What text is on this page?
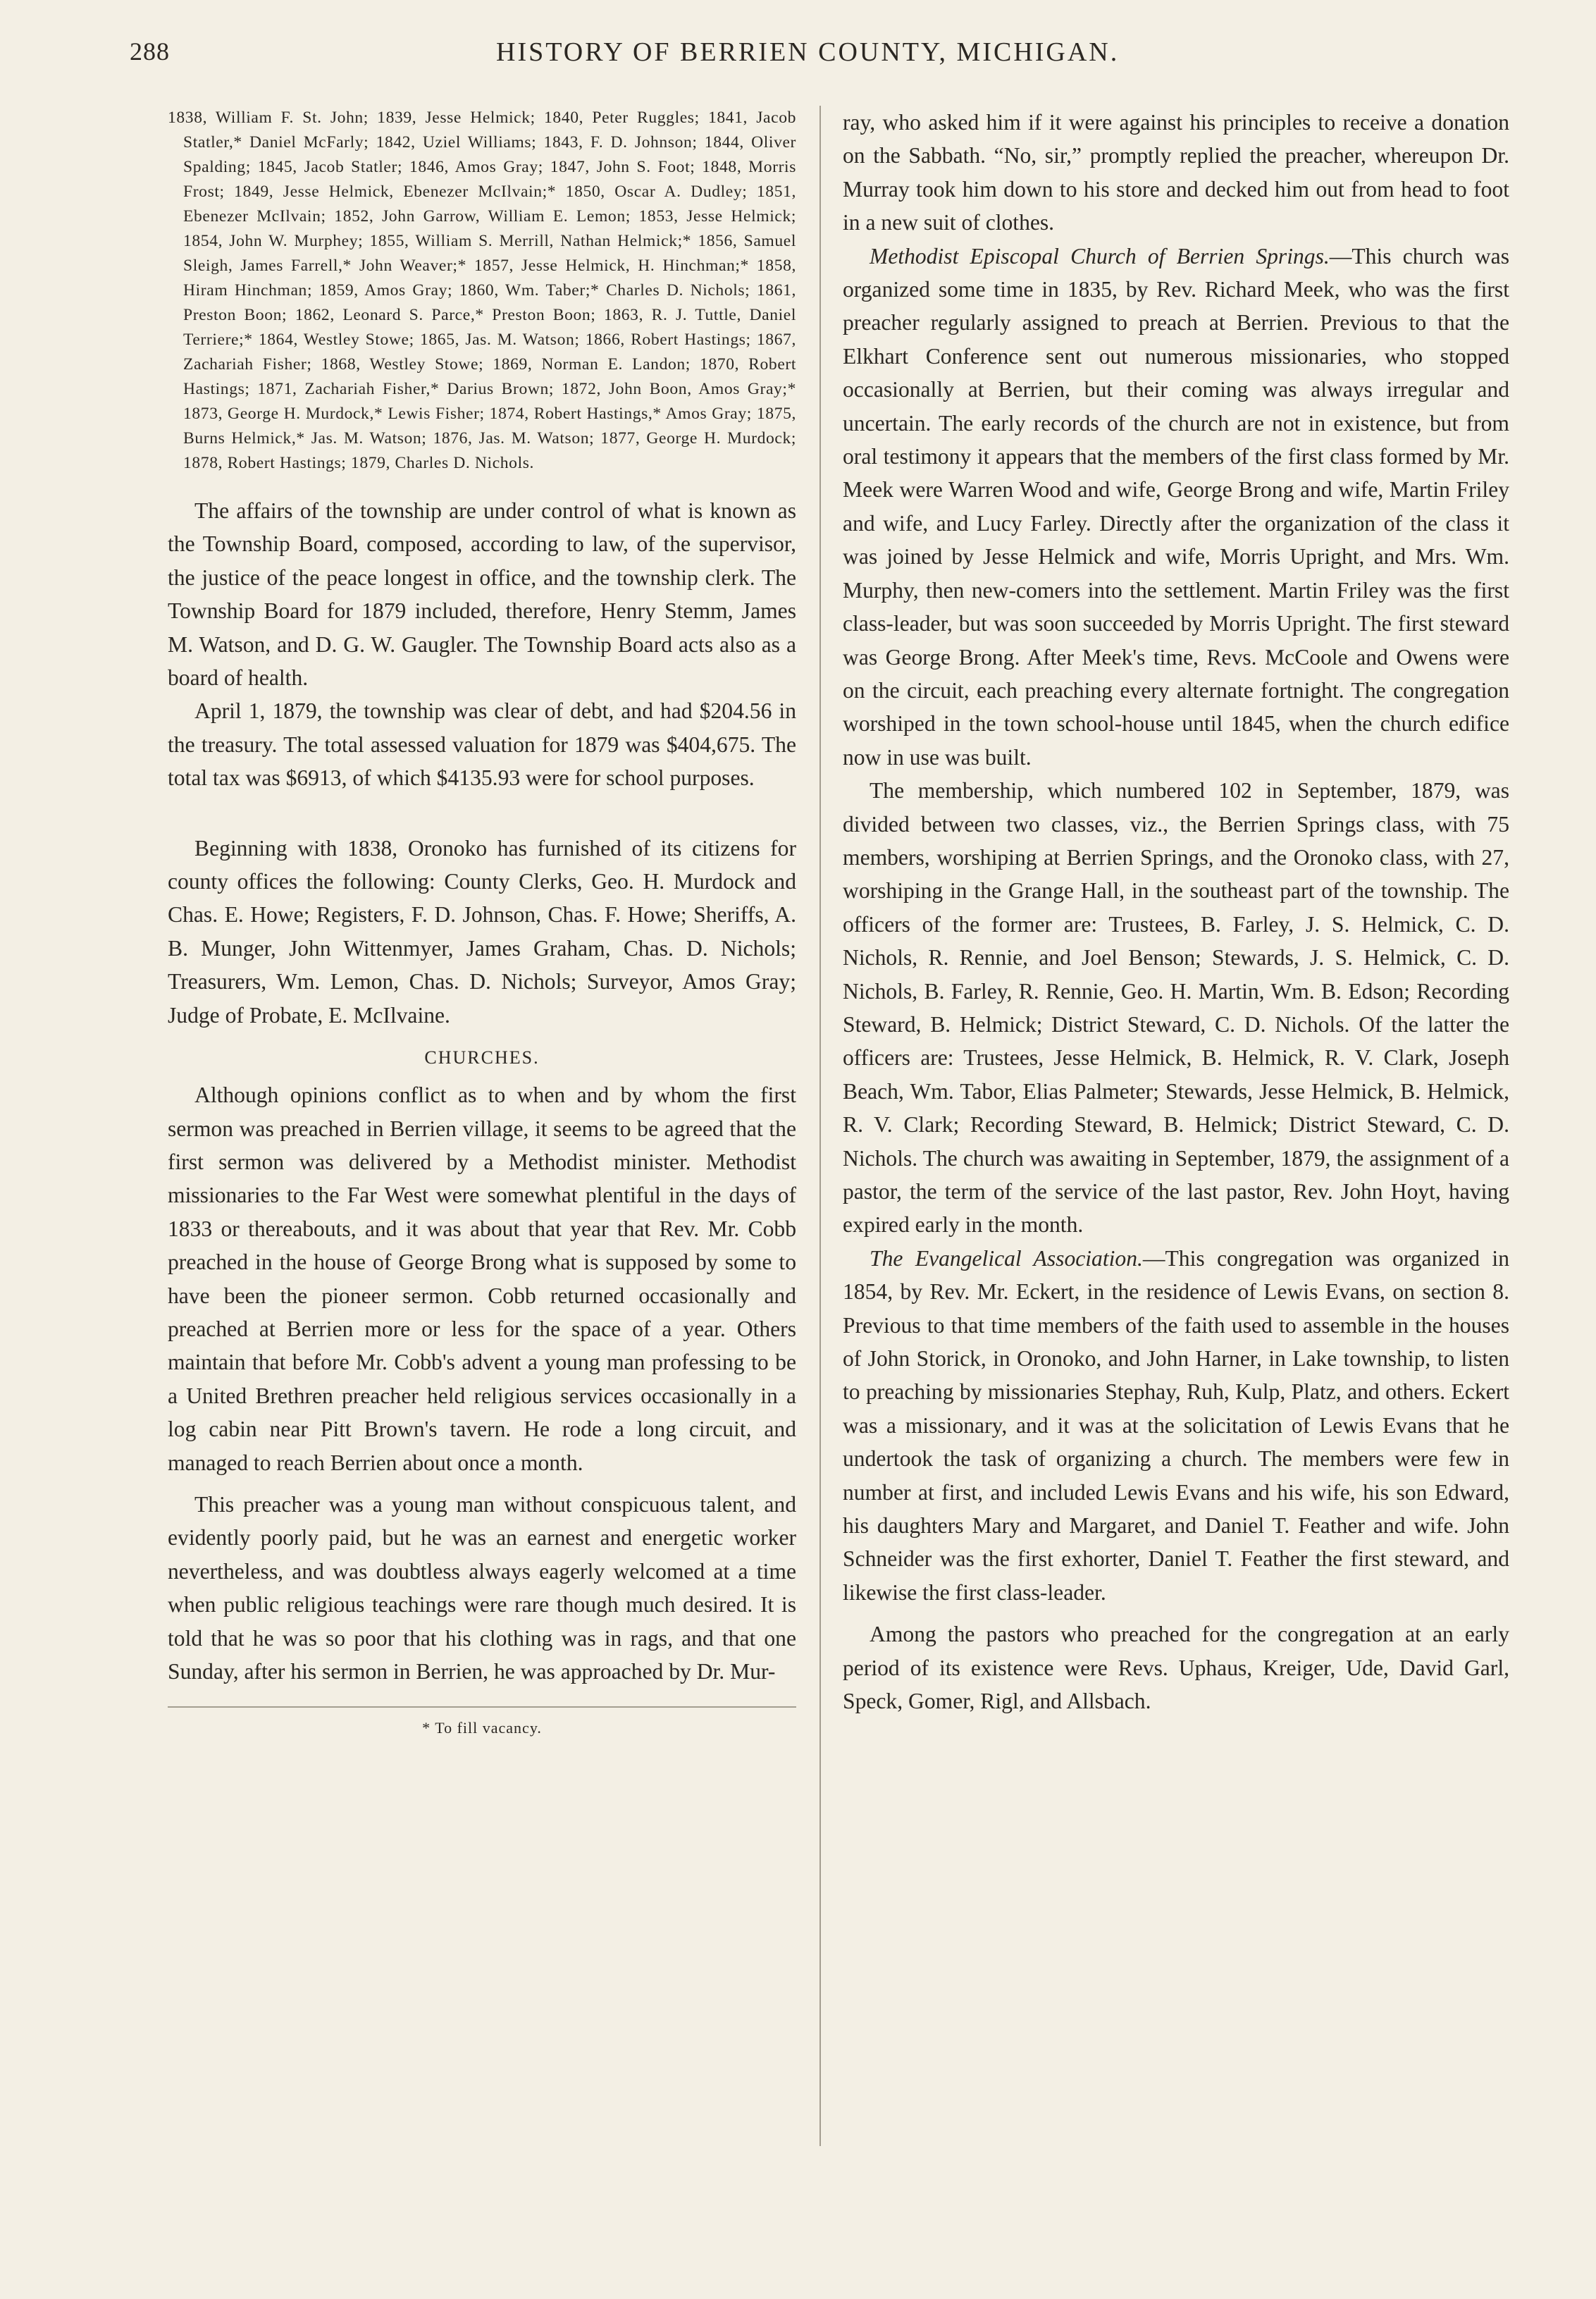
288	HISTORY OF BERRIEN COUNTY, MICHIGAN.

1838, William F. St. John; 1839, Jesse Helmick; 1840, Peter Ruggles; 1841, Jacob Statler,* Daniel McFarly; 1842, Uziel Williams; 1843, F. D. Johnson; 1844, Oliver Spalding; 1845, Jacob Statler; 1846, Amos Gray; 1847, John S. Foot; 1848, Morris Frost; 1849, Jesse Helmick, Ebenezer McIlvain;* 1850, Oscar A. Dudley; 1851, Ebenezer McIlvain; 1852, John Garrow, William E. Lemon; 1853, Jesse Helmick; 1854, John W. Murphey; 1855, William S. Merrill, Nathan Helmick;* 1856, Samuel Sleigh, James Farrell,* John Weaver;* 1857, Jesse Helmick, H. Hinchman;* 1858, Hiram Hinchman; 1859, Amos Gray; 1860, Wm. Taber;* Charles D. Nichols; 1861, Preston Boon; 1862, Leonard S. Parce,* Preston Boon; 1863, R. J. Tuttle, Daniel Terriere;* 1864, Westley Stowe; 1865, Jas. M. Watson; 1866, Robert Hastings; 1867, Zachariah Fisher; 1868, Westley Stowe; 1869, Norman E. Landon; 1870, Robert Hastings; 1871, Zachariah Fisher,* Darius Brown; 1872, John Boon, Amos Gray;* 1873, George H. Murdock,* Lewis Fisher; 1874, Robert Hastings,* Amos Gray; 1875, Burns Helmick,* Jas. M. Watson; 1876, Jas. M. Watson; 1877, George H. Murdock; 1878, Robert Hastings; 1879, Charles D. Nichols.

The affairs of the township are under control of what is known as the Township Board, composed, according to law, of the supervisor, the justice of the peace longest in office, and the township clerk. The Township Board for 1879 included, therefore, Henry Stemm, James M. Watson, and D. G. W. Gaugler. The Township Board acts also as a board of health.

April 1, 1879, the township was clear of debt, and had $204.56 in the treasury. The total assessed valuation for 1879 was $404,675. The total tax was $6913, of which $4135.93 were for school purposes.

Beginning with 1838, Oronoko has furnished of its citizens for county offices the following: County Clerks, Geo. H. Murdock and Chas. E. Howe; Registers, F. D. Johnson, Chas. F. Howe; Sheriffs, A. B. Munger, John Wittenmyer, James Graham, Chas. D. Nichols; Treasurers, Wm. Lemon, Chas. D. Nichols; Surveyor, Amos Gray; Judge of Probate, E. McIlvaine.

CHURCHES.

Although opinions conflict as to when and by whom the first sermon was preached in Berrien village, it seems to be agreed that the first sermon was delivered by a Methodist minister. Methodist missionaries to the Far West were somewhat plentiful in the days of 1833 or thereabouts, and it was about that year that Rev. Mr. Cobb preached in the house of George Brong what is supposed by some to have been the pioneer sermon. Cobb returned occasionally and preached at Berrien more or less for the space of a year. Others maintain that before Mr. Cobb's advent a young man professing to be a United Brethren preacher held religious services occasionally in a log cabin near Pitt Brown's tavern. He rode a long circuit, and managed to reach Berrien about once a month.

This preacher was a young man without conspicuous talent, and evidently poorly paid, but he was an earnest and energetic worker nevertheless, and was doubtless always eagerly welcomed at a time when public religious teachings were rare though much desired. It is told that he was so poor that his clothing was in rags, and that one Sunday, after his sermon in Berrien, he was approached by Dr. Mur-

* To fill vacancy.

ray, who asked him if it were against his principles to receive a donation on the Sabbath. “No, sir,” promptly replied the preacher, whereupon Dr. Murray took him down to his store and decked him out from head to foot in a new suit of clothes.

Methodist Episcopal Church of Berrien Springs.—This church was organized some time in 1835, by Rev. Richard Meek, who was the first preacher regularly assigned to preach at Berrien. Previous to that the Elkhart Conference sent out numerous missionaries, who stopped occasionally at Berrien, but their coming was always irregular and uncertain. The early records of the church are not in existence, but from oral testimony it appears that the members of the first class formed by Mr. Meek were Warren Wood and wife, George Brong and wife, Martin Friley and wife, and Lucy Farley. Directly after the organization of the class it was joined by Jesse Helmick and wife, Morris Upright, and Mrs. Wm. Murphy, then new-comers into the settlement. Martin Friley was the first class-leader, but was soon succeeded by Morris Upright. The first steward was George Brong. After Meek's time, Revs. McCoole and Owens were on the circuit, each preaching every alternate fortnight. The congregation worshiped in the town school-house until 1845, when the church edifice now in use was built.

The membership, which numbered 102 in September, 1879, was divided between two classes, viz., the Berrien Springs class, with 75 members, worshiping at Berrien Springs, and the Oronoko class, with 27, worshiping in the Grange Hall, in the southeast part of the township. The officers of the former are: Trustees, B. Farley, J. S. Helmick, C. D. Nichols, R. Rennie, and Joel Benson; Stewards, J. S. Helmick, C. D. Nichols, B. Farley, R. Rennie, Geo. H. Martin, Wm. B. Edson; Recording Steward, B. Helmick; District Steward, C. D. Nichols. Of the latter the officers are: Trustees, Jesse Helmick, B. Helmick, R. V. Clark, Joseph Beach, Wm. Tabor, Elias Palmeter; Stewards, Jesse Helmick, B. Helmick, R. V. Clark; Recording Steward, B. Helmick; District Steward, C. D. Nichols. The church was awaiting in September, 1879, the assignment of a pastor, the term of the service of the last pastor, Rev. John Hoyt, having expired early in the month.

The Evangelical Association.—This congregation was organized in 1854, by Rev. Mr. Eckert, in the residence of Lewis Evans, on section 8. Previous to that time members of the faith used to assemble in the houses of John Storick, in Oronoko, and John Harner, in Lake township, to listen to preaching by missionaries Stephay, Ruh, Kulp, Platz, and others. Eckert was a missionary, and it was at the solicitation of Lewis Evans that he undertook the task of organizing a church. The members were few in number at first, and included Lewis Evans and his wife, his son Edward, his daughters Mary and Margaret, and Daniel T. Feather and wife. John Schneider was the first exhorter, Daniel T. Feather the first steward, and likewise the first class-leader.

Among the pastors who preached for the congregation at an early period of its existence were Revs. Uphaus, Kreiger, Ude, David Garl, Speck, Gomer, Rigl, and Allsbach.
